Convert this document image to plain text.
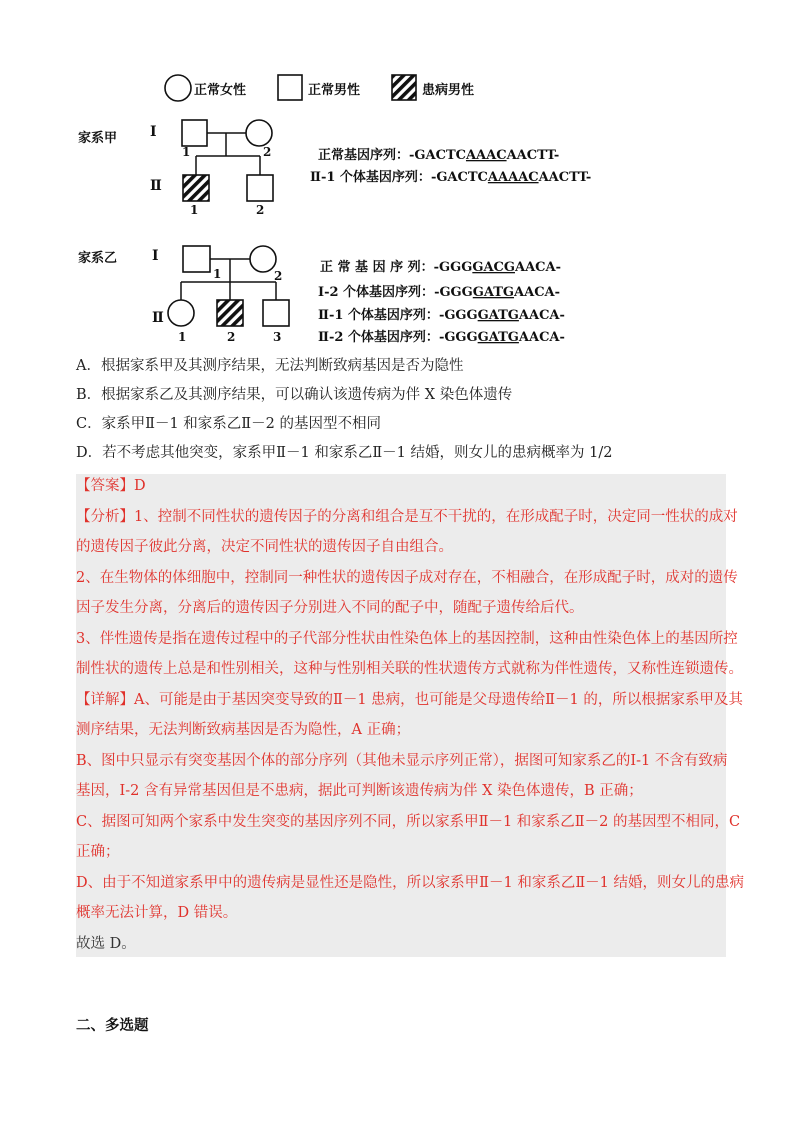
正常女性	正常男性	患病男性
家系甲 Ⅰ
Ⅱ
1	2
1	2
正常基因序列：-GACTCAAACAACTT-
Ⅱ-1 个体基因序列：-GACTCAAAACAACTT-
家系乙 Ⅰ
Ⅱ
1	2
1	2	3
正 常 基 因 序 列：-GGGGACGAACA-
Ⅰ-2 个体基因序列：-GGGGATGAACA-
Ⅱ-1 个体基因序列：-GGGGATGAACA-
Ⅱ-2 个体基因序列：-GGGGATGAACA-
A．根据家系甲及其测序结果，无法判断致病基因是否为隐性
B．根据家系乙及其测序结果，可以确认该遗传病为伴 X 染色体遗传
C．家系甲Ⅱ－1 和家系乙Ⅱ－2 的基因型不相同
D．若不考虑其他突变，家系甲Ⅱ－1 和家系乙Ⅱ－1 结婚，则女儿的患病概率为 1/2
【答案】D
【分析】1、控制不同性状的遗传因子的分离和组合是互不干扰的，在形成配子时，决定同一性状的成对
的遗传因子彼此分离，决定不同性状的遗传因子自由组合。
2、在生物体的体细胞中，控制同一种性状的遗传因子成对存在，不相融合，在形成配子时，成对的遗传
因子发生分离，分离后的遗传因子分别进入不同的配子中，随配子遗传给后代。
3、伴性遗传是指在遗传过程中的子代部分性状由性染色体上的基因控制，这种由性染色体上的基因所控
制性状的遗传上总是和性别相关，这种与性别相关联的性状遗传方式就称为伴性遗传，又称性连锁遗传。
【详解】A、可能是由于基因突变导致的Ⅱ－1 患病，也可能是父母遗传给Ⅱ－1 的，所以根据家系甲及其
测序结果，无法判断致病基因是否为隐性，A 正确；
B、图中只显示有突变基因个体的部分序列（其他未显示序列正常），据图可知家系乙的Ⅰ-1 不含有致病
基因，Ⅰ-2 含有异常基因但是不患病，据此可判断该遗传病为伴 X 染色体遗传，B 正确；
C、据图可知两个家系中发生突变的基因序列不同，所以家系甲Ⅱ－1 和家系乙Ⅱ－2 的基因型不相同，C
正确；
D、由于不知道家系甲中的遗传病是显性还是隐性，所以家系甲Ⅱ－1 和家系乙Ⅱ－1 结婚，则女儿的患病
概率无法计算，D 错误。
故选 D。
二、多选题
